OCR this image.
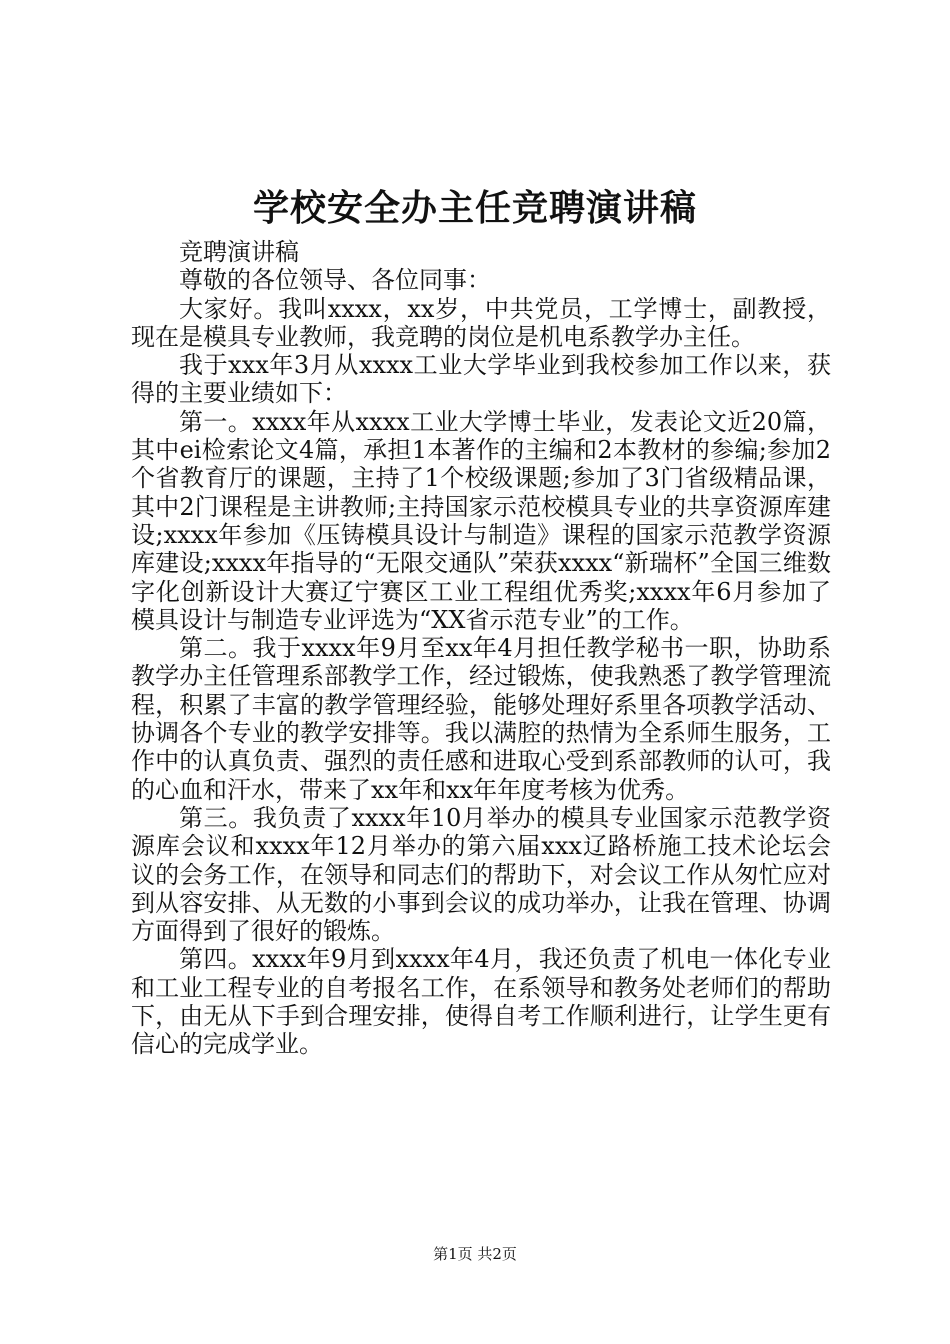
学校安全办主任竞聘演讲稿

竞聘演讲稿

尊敬的各位领导、各位同事：

大家好。我叫xxxx，xx岁，中共党员，工学博士，副教授，现在是模具专业教师，我竞聘的岗位是机电系教学办主任。

我于xxx年3月从xxxx工业大学毕业到我校参加工作以来，获得的主要业绩如下：

第一。xxxx年从xxxx工业大学博士毕业，发表论文近20篇，其中ei检索论文4篇，承担1本著作的主编和2本教材的参编;参加2个省教育厅的课题，主持了1个校级课题;参加了3门省级精品课，其中2门课程是主讲教师;主持国家示范校模具专业的共享资源库建设;xxxx年参加《压铸模具设计与制造》课程的国家示范教学资源库建设;xxxx年指导的“无限交通队”荣获xxxx“新瑞杯”全国三维数字化创新设计大赛辽宁赛区工业工程组优秀奖;xxxx年6月参加了模具设计与制造专业评选为“XX省示范专业”的工作。

第二。我于xxxx年9月至xx年4月担任教学秘书一职，协助系教学办主任管理系部教学工作，经过锻炼，使我熟悉了教学管理流程，积累了丰富的教学管理经验，能够处理好系里各项教学活动、协调各个专业的教学安排等。我以满腔的热情为全系师生服务，工作中的认真负责、强烈的责任感和进取心受到系部教师的认可，我的心血和汗水，带来了xx年和xx年年度考核为优秀。

第三。我负责了xxxx年10月举办的模具专业国家示范教学资源库会议和xxxx年12月举办的第六届xxx辽路桥施工技术论坛会议的会务工作，在领导和同志们的帮助下，对会议工作从匆忙应对到从容安排、从无数的小事到会议的成功举办，让我在管理、协调方面得到了很好的锻炼。

第四。xxxx年9月到xxxx年4月，我还负责了机电一体化专业和工业工程专业的自考报名工作，在系领导和教务处老师们的帮助下，由无从下手到合理安排，使得自考工作顺利进行，让学生更有信心的完成学业。

第1页 共2页
